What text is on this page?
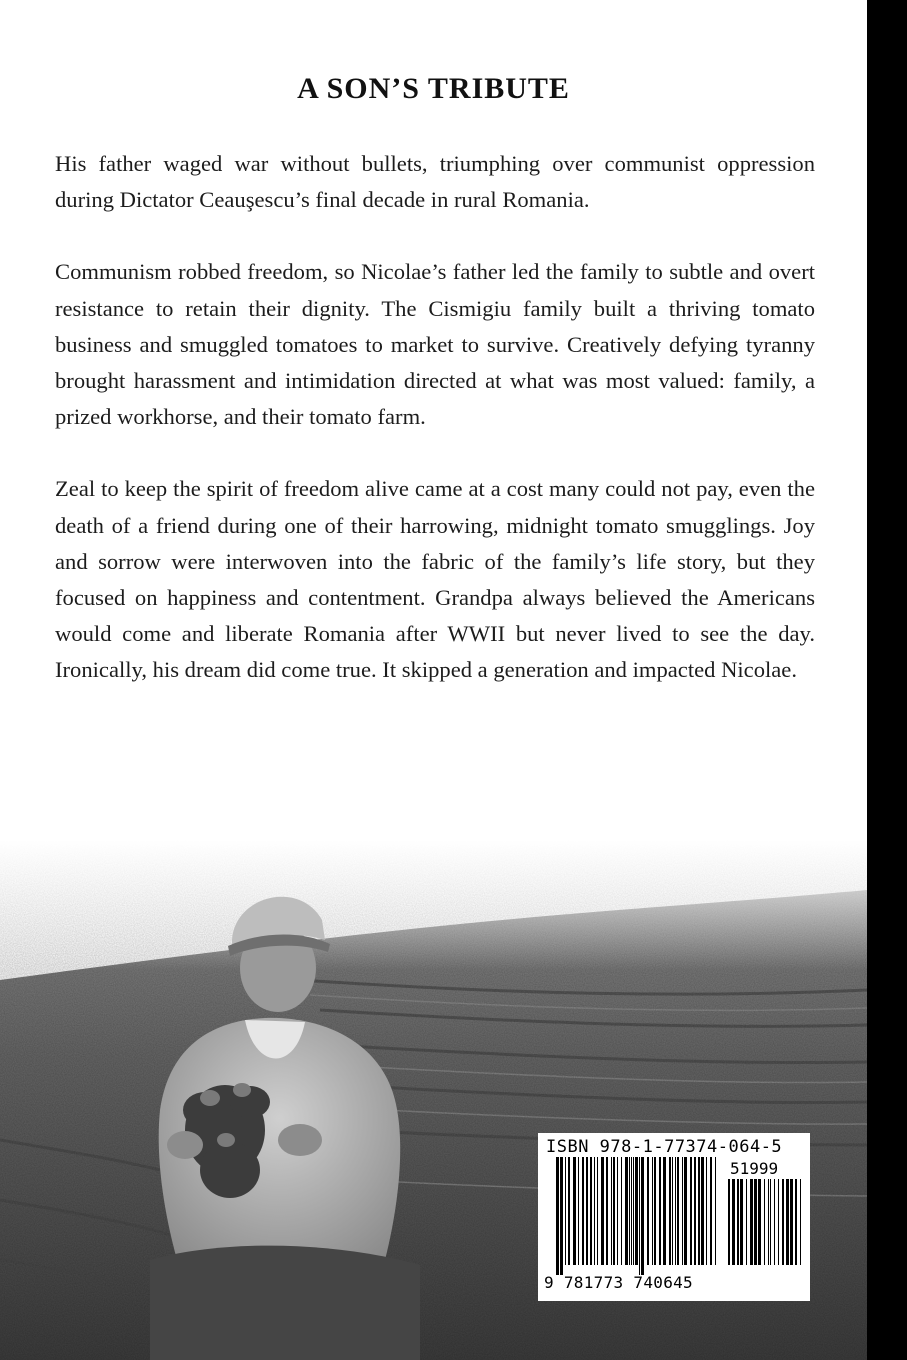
A SON’S TRIBUTE

His father waged war without bullets, triumphing over communist oppression during Dictator Ceauşescu’s final decade in rural Romania.

Communism robbed freedom, so Nicolae’s father led the family to subtle and overt resistance to retain their dignity. The Cismigiu family built a thriving tomato business and smuggled tomatoes to market to survive. Creatively defying tyranny brought harassment and intimidation directed at what was most valued: family, a prized workhorse, and their tomato farm.

Zeal to keep the spirit of freedom alive came at a cost many could not pay, even the death of a friend during one of their harrowing, midnight tomato smugglings. Joy and sorrow were interwoven into the fabric of the family’s life story, but they focused on happiness and contentment. Grandpa always believed the Americans would come and liberate Romania after WWII but never lived to see the day. Ironically, his dream did come true. It skipped a generation and impacted Nicolae.

ISBN 978-1-77374-064-5
51999
9 781773 740645
